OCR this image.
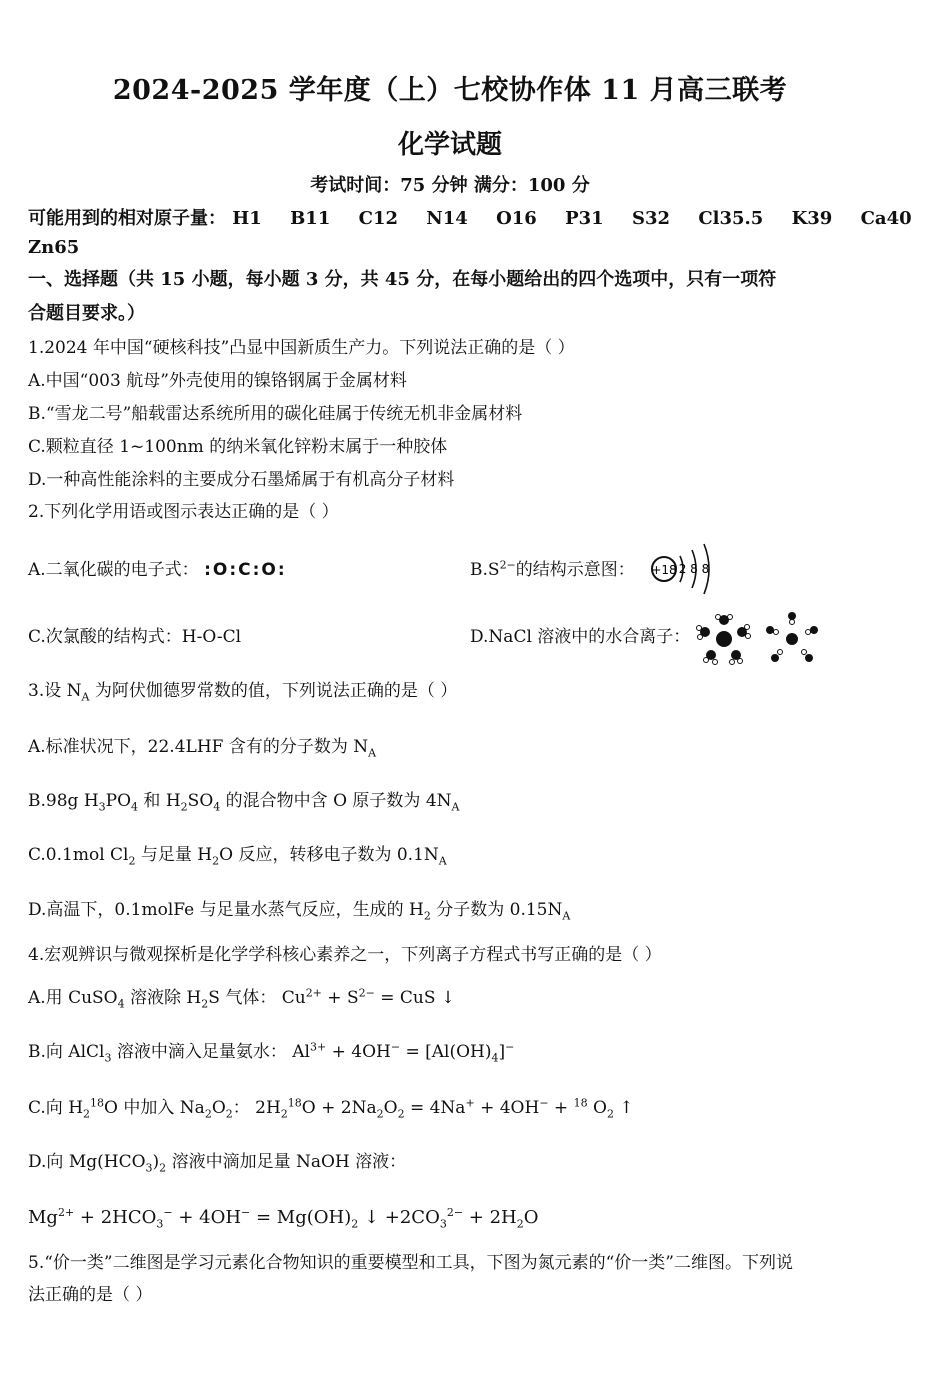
2024-2025 学年度（上）七校协作体 11 月高三联考
化学试题
考试时间：75 分钟 满分：100 分
可能用到的相对原子量： H1 B11 C12 N14 O16 P31 S32 Cl35.5 K39 Ca40
Zn65
一、选择题（共 15 小题，每小题 3 分，共 45 分，在每小题给出的四个选项中，只有一项符
合题目要求。）
1.2024 年中国“硬核科技”凸显中国新质生产力。下列说法正确的是（ ）
A.中国“003 航母”外壳使用的镍铬钢属于金属材料
B.“雪龙二号”船载雷达系统所用的碳化硅属于传统无机非金属材料
C.颗粒直径 1~100nm 的纳米氧化锌粉末属于一种胶体
D.一种高性能涂料的主要成分石墨烯属于有机高分子材料
2.下列化学用语或图示表达正确的是（ ）
A.二氧化碳的电子式： :O:C:O:	$B.S^{2-}$的结构示意图： +18 2 8 8
C.次氯酸的结构式：H-O-Cl	D.NaCl 溶液中的水合离子：
3.设 $N_A$ 为阿伏伽德罗常数的值，下列说法正确的是（ ）
A.标准状况下，22.4LHF 含有的分子数为 $N_A$
B.98g $H_3PO_4$ 和 $H_2SO_4$ 的混合物中含 O 原子数为 $4N_A$
C.0.1mol $Cl_2$ 与足量 $H_2O$ 反应，转移电子数为 $0.1N_A$
D.高温下，0.1molFe 与足量水蒸气反应，生成的 $H_2$ 分子数为 $0.15N_A$
4.宏观辨识与微观探析是化学学科核心素养之一，下列离子方程式书写正确的是（ ）
A.用 CuSO$_4$ 溶液除 $H_2S$ 气体： $Cu^{2+} + S^{2-}$ = CuS ↓
B.向 AlCl$_3$ 溶液中滴入足量氨水： $Al^{3+} + 4OH^- = [Al(OH)_4]^-$
C.向 $H_2^{18}O$ 中加入 $Na_2O_2$： $2H_2^{18}O + 2Na_2O_2 = 4Na^+ + 4OH^- + ^{18}$ $O_2$ ↑
D.向 $Mg(HCO_3)_2$ 溶液中滴加足量 NaOH 溶液：
$Mg^{2+} + 2HCO_3^- + 4OH^- = Mg(OH)_2$ ↓ $+2CO_3^{2-} + 2H_2O$
5.“价一类”二维图是学习元素化合物知识的重要模型和工具，下图为氮元素的“价一类”二维图。下列说
法正确的是（ ）
